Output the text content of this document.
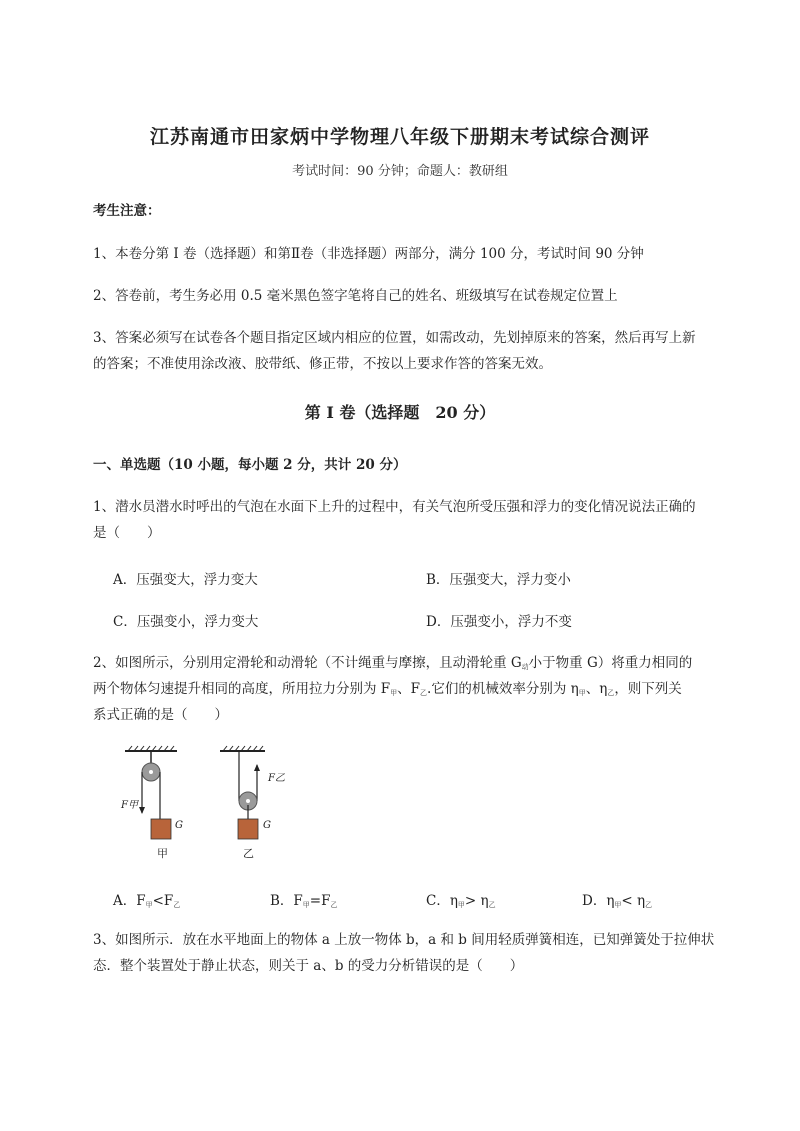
江苏南通市田家炳中学物理八年级下册期末考试综合测评
考试时间：90 分钟；命题人：教研组
考生注意：
1、本卷分第 I 卷（选择题）和第Ⅱ卷（非选择题）两部分，满分 100 分，考试时间 90 分钟
2、答卷前，考生务必用 0.5 毫米黑色签字笔将自己的姓名、班级填写在试卷规定位置上
3、答案必须写在试卷各个题目指定区域内相应的位置，如需改动，先划掉原来的答案，然后再写上新
的答案；不准使用涂改液、胶带纸、修正带，不按以上要求作答的答案无效。
第 I 卷（选择题　20 分）
一、单选题（10 小题，每小题 2 分，共计 20 分）
1、潜水员潜水时呼出的气泡在水面下上升的过程中，有关气泡所受压强和浮力的变化情况说法正确的
是（　　）
A．压强变大，浮力变大	B．压强变大，浮力变小
C．压强变小，浮力变大	D．压强变小，浮力不变
2、如图所示，分别用定滑轮和动滑轮（不计绳重与摩擦，且动滑轮重 $G_动$小于物重 G）将重力相同的
两个物体匀速提升相同的高度，所用拉力分别为 $F_甲$、$F_乙$.它们的机械效率分别为 $\eta_甲$、$\eta_乙$，则下列关
系式正确的是（　　）
F甲
G
甲
F乙
G
乙
A．$F_甲<F_乙$	B．$F_甲=F_乙$	C．$\eta_甲> \eta_乙$	D．$\eta_甲< \eta_乙$
3、如图所示．放在水平地面上的物体 a 上放一物体 b，a 和 b 间用轻质弹簧相连，已知弹簧处于拉伸状
态．整个装置处于静止状态，则关于 a、b 的受力分析错误的是（　　）
